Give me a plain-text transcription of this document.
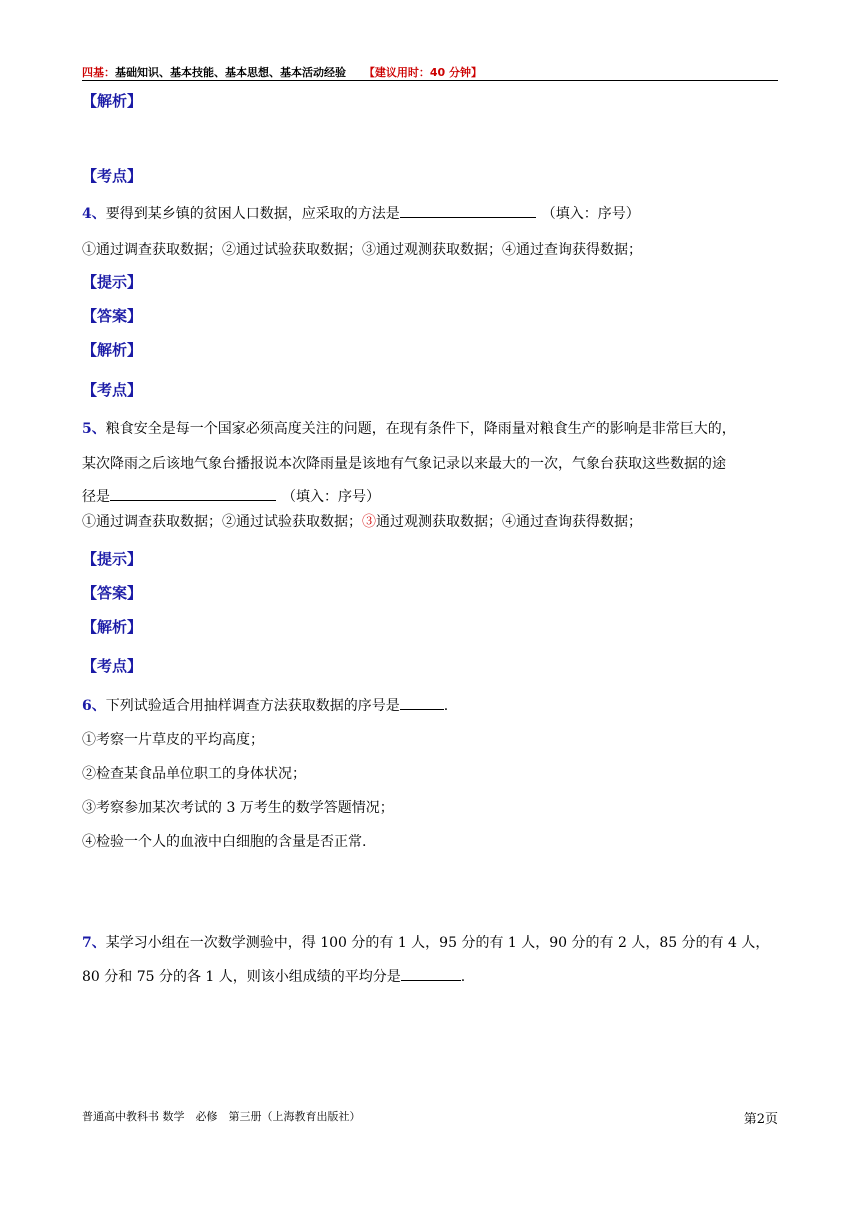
四基：基础知识、基本技能、基本思想、基本活动经验 【建议用时：40 分钟】
【解析】
【考点】
4、要得到某乡镇的贫困人口数据，应采取的方法是	（填入：序号）
①通过调查获取数据；②通过试验获取数据；③通过观测获取数据；④通过查询获得数据；
【提示】
【答案】
【解析】
【考点】
5、粮食安全是每一个国家必须高度关注的问题，在现有条件下，降雨量对粮食生产的影响是非常巨大的，
某次降雨之后该地气象台播报说本次降雨量是该地有气象记录以来最大的一次，气象台获取这些数据的途
径是	（填入：序号）
①通过调查获取数据；②通过试验获取数据；③通过观测获取数据；④通过查询获得数据；
【提示】
【答案】
【解析】
【考点】
6、下列试验适合用抽样调查方法获取数据的序号是	.
①考察一片草皮的平均高度；
②检查某食品单位职工的身体状况；
③考察参加某次考试的 3 万考生的数学答题情况；
④检验一个人的血液中白细胞的含量是否正常.
7、某学习小组在一次数学测验中，得 100 分的有 1 人，95 分的有 1 人，90 分的有 2 人，85 分的有 4 人，
80 分和 75 分的各 1 人，则该小组成绩的平均分是	.
普通高中教科书 数学　必修　第三册（上海教育出版社）	第2页
